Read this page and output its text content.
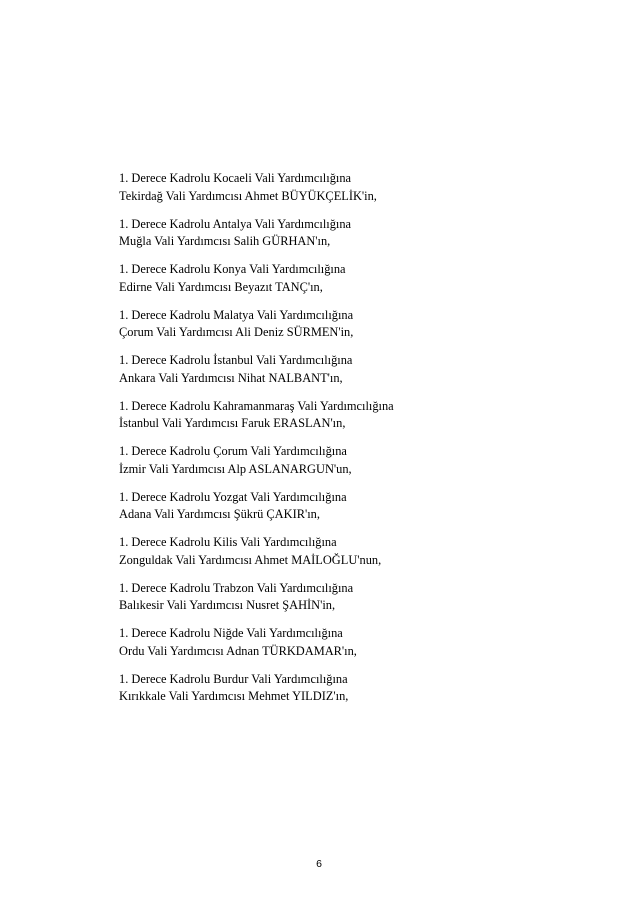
1. Derece Kadrolu Kocaeli Vali Yardımcılığına
Tekirdağ Vali Yardımcısı Ahmet BÜYÜKÇELİK'in,
1. Derece Kadrolu Antalya Vali Yardımcılığına
Muğla Vali Yardımcısı Salih GÜRHAN'ın,
1. Derece Kadrolu Konya Vali Yardımcılığına
Edirne Vali Yardımcısı Beyazıt TANÇ'ın,
1. Derece Kadrolu Malatya Vali Yardımcılığına
Çorum Vali Yardımcısı Ali Deniz SÜRMEN'in,
1. Derece Kadrolu İstanbul Vali Yardımcılığına
Ankara Vali Yardımcısı Nihat NALBANT'ın,
1. Derece Kadrolu Kahramanmaraş Vali Yardımcılığına
İstanbul Vali Yardımcısı Faruk ERASLAN'ın,
1. Derece Kadrolu Çorum Vali Yardımcılığına
İzmir Vali Yardımcısı Alp ASLANARGUN'un,
1. Derece Kadrolu Yozgat Vali Yardımcılığına
Adana Vali Yardımcısı Şükrü ÇAKIR'ın,
1. Derece Kadrolu Kilis Vali Yardımcılığına
Zonguldak Vali Yardımcısı Ahmet MAİLOĞLU'nun,
1. Derece Kadrolu Trabzon Vali Yardımcılığına
Balıkesir Vali Yardımcısı Nusret ŞAHİN'in,
1. Derece Kadrolu Niğde Vali Yardımcılığına
Ordu Vali Yardımcısı Adnan TÜRKDAMAR'ın,
1. Derece Kadrolu Burdur Vali Yardımcılığına
Kırıkkale Vali Yardımcısı Mehmet YILDIZ'ın,
6
